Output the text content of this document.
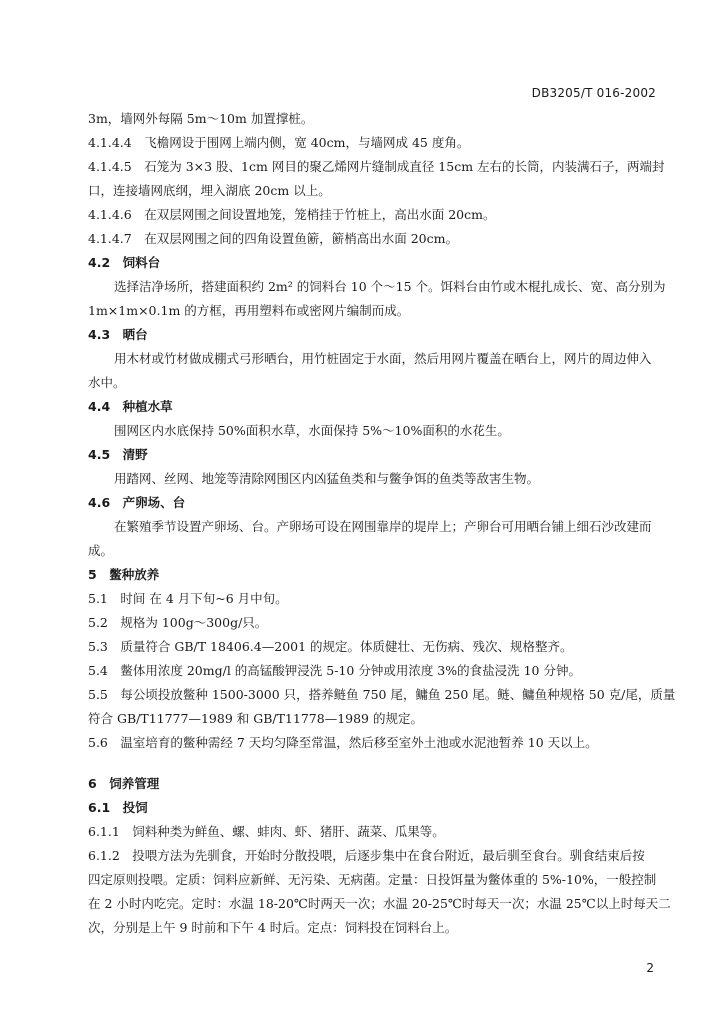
DB3205/T 016-2002
3m，墙网外每隔 5m～10m 加置撑桩。
4.1.4.4　飞檐网设于围网上端内侧，宽 40cm，与墙网成 45 度角。
4.1.4.5　石笼为 3×3 股、1cm 网目的聚乙烯网片缝制成直径 15cm 左右的长筒，内装满石子，两端封
口，连接墙网底纲，埋入湖底 20cm 以上。
4.1.4.6　在双层网围之间设置地笼，笼梢挂于竹桩上，高出水面 20cm。
4.1.4.7　在双层网围之间的四角设置鱼簖，簖梢高出水面 20cm。
4.2　饲料台
选择洁净场所，搭建面积约 2m² 的饲料台 10 个～15 个。饵料台由竹或木棍扎成长、宽、高分别为
1m×1m×0.1m 的方框，再用塑料布或密网片编制而成。
4.3　晒台
用木材或竹材做成棚式弓形晒台，用竹桩固定于水面，然后用网片覆盖在晒台上，网片的周边伸入
水中。
4.4　种植水草
围网区内水底保持 50%面积水草，水面保持 5%～10%面积的水花生。
4.5　清野
用踏网、丝网、地笼等清除网围区内凶猛鱼类和与鳖争饵的鱼类等敌害生物。
4.6　产卵场、台
在繁殖季节设置产卵场、台。产卵场可设在网围靠岸的堤岸上；产卵台可用晒台铺上细石沙改建而
成。
5　鳖种放养
5.1　时间 在 4 月下旬~6 月中旬。
5.2　规格为 100g～300g/只。
5.3　质量符合 GB/T 18406.4—2001 的规定。体质健壮、无伤病、残次、规格整齐。
5.4　鳖体用浓度 20mg/l 的高锰酸钾浸洗 5-10 分钟或用浓度 3%的食盐浸洗 10 分钟。
5.5　每公顷投放鳖种 1500-3000 只，搭养鲢鱼 750 尾，鳙鱼 250 尾。鲢、鳙鱼种规格 50 克/尾，质量
符合 GB/T11777—1989 和 GB/T11778—1989 的规定。
5.6　温室培育的鳖种需经 7 天均匀降至常温，然后移至室外土池或水泥池暂养 10 天以上。
6　饲养管理
6.1　投饲
6.1.1　饲料种类为鲜鱼、螺、蚌肉、虾、猪肝、蔬菜、瓜果等。
6.1.2　投喂方法为先驯食，开始时分散投喂，后逐步集中在食台附近，最后驯至食台。驯食结束后按
四定原则投喂。定质：饲料应新鲜、无污染、无病菌。定量：日投饵量为鳖体重的 5%-10%，一般控制
在 2 小时内吃完。定时：水温 18-20℃时两天一次；水温 20-25℃时每天一次；水温 25℃以上时每天二
次，分别是上午 9 时前和下午 4 时后。定点：饲料投在饲料台上。
2
